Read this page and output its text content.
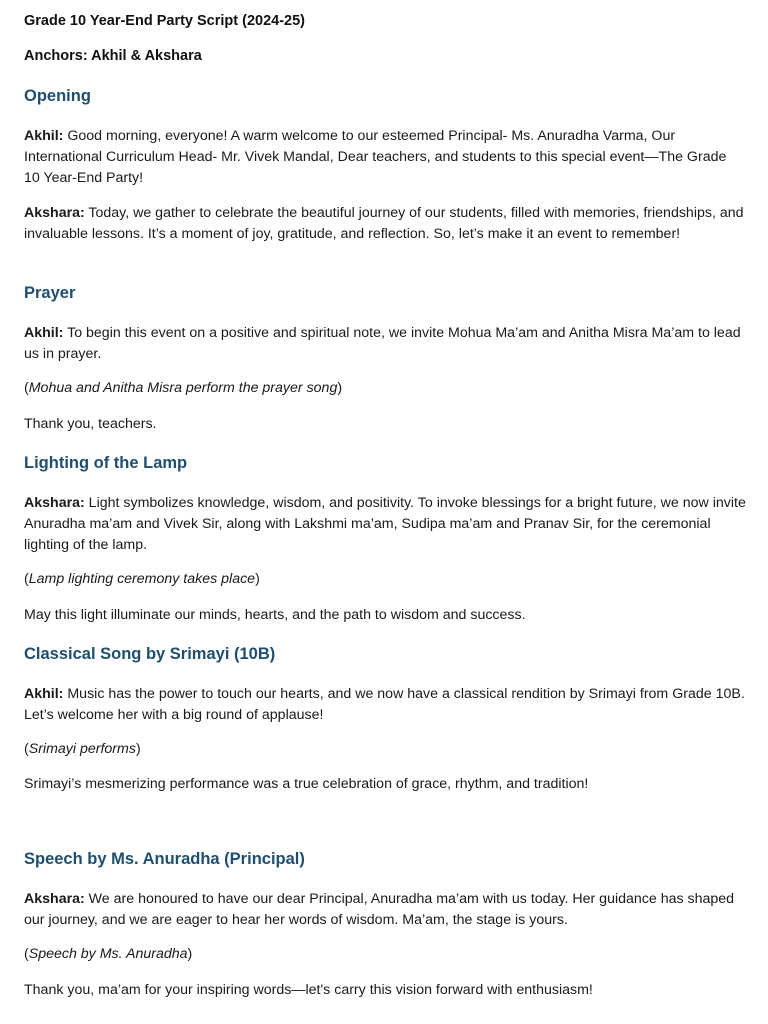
Grade 10 Year-End Party Script (2024-25)
Anchors: Akhil & Akshara
Opening
Akhil: Good morning, everyone! A warm welcome to our esteemed Principal- Ms. Anuradha Varma, Our International Curriculum Head- Mr. Vivek Mandal, Dear teachers, and students to this special event—The Grade 10 Year-End Party!
Akshara: Today, we gather to celebrate the beautiful journey of our students, filled with memories, friendships, and invaluable lessons. It’s a moment of joy, gratitude, and reflection. So, let’s make it an event to remember!
Prayer
Akhil: To begin this event on a positive and spiritual note, we invite Mohua Ma’am and Anitha Misra Ma’am to lead us in prayer.
(Mohua and Anitha Misra perform the prayer song)
Thank you, teachers.
Lighting of the Lamp
Akshara: Light symbolizes knowledge, wisdom, and positivity. To invoke blessings for a bright future, we now invite Anuradha ma’am and Vivek Sir, along with Lakshmi ma’am, Sudipa ma’am and Pranav Sir, for the ceremonial lighting of the lamp.
(Lamp lighting ceremony takes place)
May this light illuminate our minds, hearts, and the path to wisdom and success.
Classical Song by Srimayi (10B)
Akhil: Music has the power to touch our hearts, and we now have a classical rendition by Srimayi from Grade 10B. Let’s welcome her with a big round of applause!
(Srimayi performs)
Srimayi’s mesmerizing performance was a true celebration of grace, rhythm, and tradition!
Speech by Ms. Anuradha (Principal)
Akshara: We are honoured to have our dear Principal, Anuradha ma’am with us today. Her guidance has shaped our journey, and we are eager to hear her words of wisdom. Ma’am, the stage is yours.
(Speech by Ms. Anuradha)
Thank you, ma’am for your inspiring words—let's carry this vision forward with enthusiasm!
